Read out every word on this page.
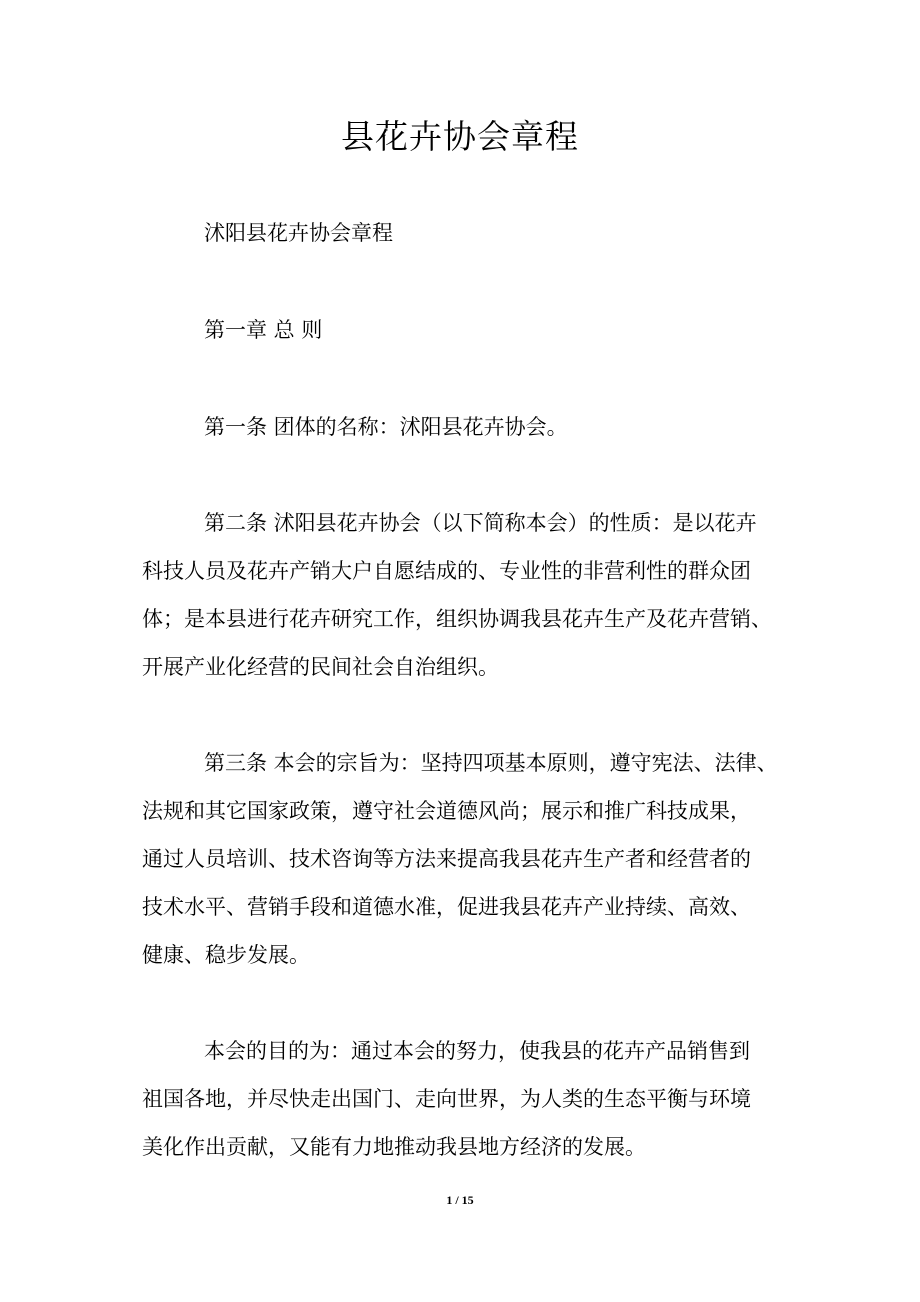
县花卉协会章程
沭阳县花卉协会章程
第一章 总 则
第一条 团体的名称：沭阳县花卉协会。
第二条 沭阳县花卉协会（以下简称本会）的性质：是以花卉
科技人员及花卉产销大户自愿结成的、专业性的非营利性的群众团
体；是本县进行花卉研究工作，组织协调我县花卉生产及花卉营销、
开展产业化经营的民间社会自治组织。
第三条 本会的宗旨为：坚持四项基本原则，遵守宪法、法律、
法规和其它国家政策，遵守社会道德风尚；展示和推广科技成果，
通过人员培训、技术咨询等方法来提高我县花卉生产者和经营者的
技术水平、营销手段和道德水准，促进我县花卉产业持续、高效、
健康、稳步发展。
本会的目的为：通过本会的努力，使我县的花卉产品销售到
祖国各地，并尽快走出国门、走向世界，为人类的生态平衡与环境
美化作出贡献，又能有力地推动我县地方经济的发展。
1 / 15
